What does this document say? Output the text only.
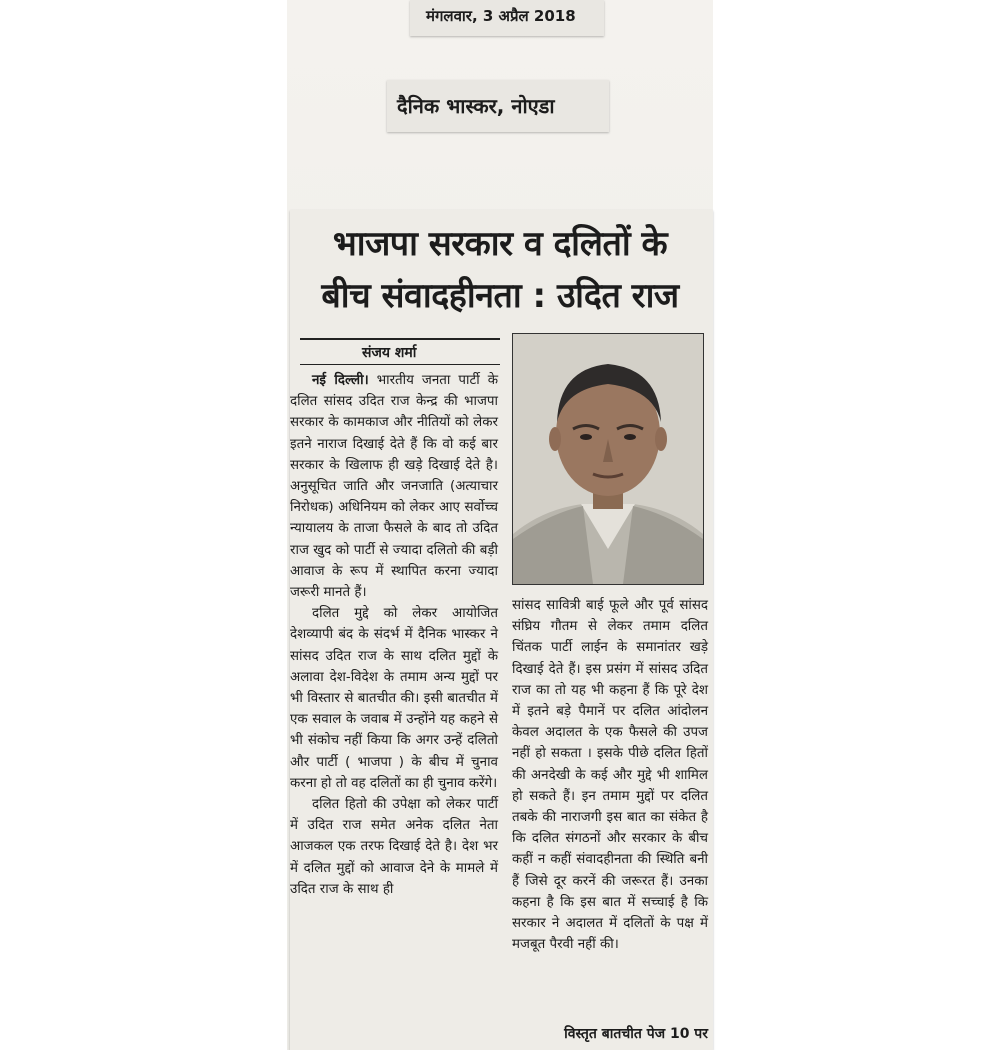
मंगलवार, 3 अप्रैल 2018
दैनिक भास्कर, नोएडा
भाजपा सरकार व दलितों के
बीच संवादहीनता : उदित राज
संजय शर्मा

नई दिल्ली। भारतीय जनता पार्टी के दलित सांसद उदित राज केन्द्र की भाजपा सरकार के कामकाज और नीतियों को लेकर इतने नाराज दिखाई देते हैं कि वो कई बार सरकार के खिलाफ ही खड़े दिखाई देते है। अनुसूचित जाति और जनजाति (अत्याचार निरोधक) अधिनियम को लेकर आए सर्वोच्च न्यायालय के ताजा फैसले के बाद तो उदित राज खुद को पार्टी से ज्यादा दलितो की बड़ी आवाज के रूप में स्थापित करना ज्यादा जरूरी मानते हैं।

दलित मुद्दे को लेकर आयोजित देशव्यापी बंद के संदर्भ में दैनिक भास्कर ने सांसद उदित राज के साथ दलित मुद्दों के अलावा देश-विदेश के तमाम अन्य मुद्दों पर भी विस्तार से बातचीत की। इसी बातचीत में एक सवाल के जवाब में उन्होंने यह कहने से भी संकोच नहीं किया कि अगर उन्हें दलितो और पार्टी ( भाजपा ) के बीच में चुनाव करना हो तो वह दलितों का ही चुनाव करेंगे।

दलित हितो की उपेक्षा को लेकर पार्टी में उदित राज समेत अनेक दलित नेता आजकल एक तरफ दिखाई देते है। देश भर में दलित मुद्दों को आवाज देने के मामले में उदित राज के साथ ही

सांसद सावित्री बाई फूले और पूर्व सांसद संघ्रिय गौतम से लेकर तमाम दलित चिंतक पार्टी लाईन के समानांतर खड़े दिखाई देते हैं। इस प्रसंग में सांसद उदित राज का तो यह भी कहना हैं कि पूरे देश में इतने बड़े पैमानें पर दलित आंदोलन केवल अदालत के एक फैसले की उपज नहीं हो सकता । इसके पीछे दलित हितों की अनदेखी के कई और मुद्दे भी शामिल हो सकते हैं। इन तमाम मुद्दों पर दलित तबके की नाराजगी इस बात का संकेत है कि दलित संगठनों और सरकार के बीच कहीं न कहीं संवादहीनता की स्थिति बनी हैं जिसे दूर करनें की जरूरत हैं। उनका कहना है कि इस बात में सच्चाई है कि सरकार ने अदालत में दलितों के पक्ष में मजबूत पैरवी नहीं की।

विस्तृत बातचीत पेज 10 पर
